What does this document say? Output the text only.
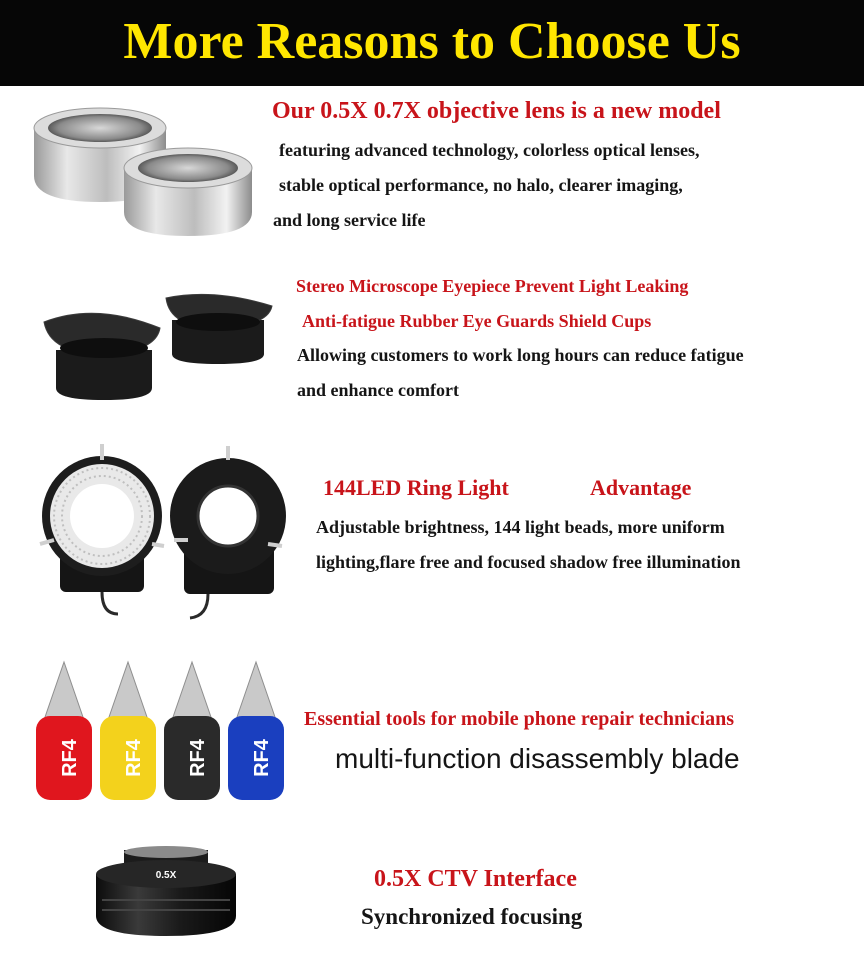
More Reasons to Choose Us
Our 0.5X 0.7X objective lens is a new model
featuring advanced technology, colorless optical lenses,
stable optical performance, no halo, clearer imaging,
and long service life
Stereo Microscope Eyepiece Prevent Light Leaking
Anti-fatigue Rubber Eye Guards Shield Cups
Allowing customers to work long hours can reduce fatigue
and enhance comfort
144LED Ring Light	Advantage
Adjustable brightness, 144 light beads, more uniform
lighting,flare free and focused shadow free illumination
RF4 RF4 RF4 RF4
Essential tools for mobile phone repair technicians
multi-function disassembly blade
0.5X	0.5X CTV Interface
Synchronized focusing
